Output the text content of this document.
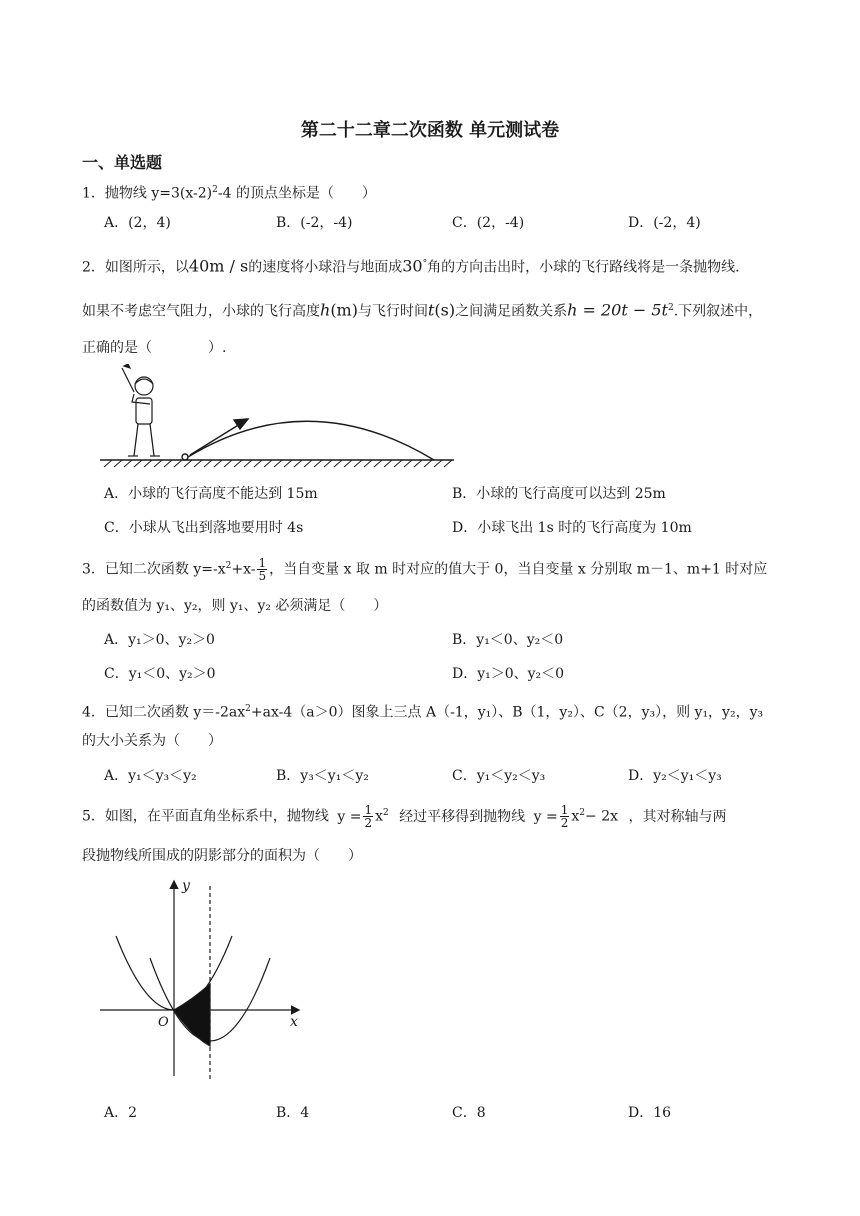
第二十二章二次函数 单元测试卷
一、单选题
1．抛物线 $y=3(x-2)^2-4$ 的顶点坐标是（　　）
A．(2，4)	B．(-2，-4)	C．(2，-4)	D．(-2，4)
2．如图所示，以40m / s的速度将小球沿与地面成30°角的方向击出时，小球的飞行路线将是一条抛物线.
如果不考虑空气阻力，小球的飞行高度h(m)与飞行时间t(s)之间满足函数关系$h = 20t - 5t^2$.下列叙述中，
正确的是（　　　　）.
A．小球的飞行高度不能达到 15m	B．小球的飞行高度可以达到 25m
C．小球从飞出到落地要用时 4s	D．小球飞出 1s 时的飞行高度为 10m
3．已知二次函数 $y=-x^2+x- \frac{1}{5}$ ，当自变量 x 取 m 时对应的值大于 0，当自变量 x 分别取 m－1、m+1 时对应
的函数值为 y₁、y₂，则 y₁、y₂ 必须满足（　　）
A．y₁＞0、y₂＞0	B．y₁＜0、y₂＜0
C．y₁＜0、y₂＞0	D．y₁＞0、y₂＜0
4．已知二次函数 $y=-2ax^2+ax-4(a>0)$图象上三点 A（-1，y₁）、B（1，y₂）、C（2，y₃），则 y₁，y₂，y₃
的大小关系为（　　）
A．y₁＜y₃＜y₂	B．y₃＜y₁＜y₂	C．y₁＜y₂＜y₃	D．y₂＜y₁＜y₃
5．如图，在平面直角坐标系中，抛物线 $y = \frac{1}{2} x^2$ 经过平移得到抛物线 $y = \frac{1}{2} x^2- 2x$ ，其对称轴与两
段抛物线所围成的阴影部分的面积为（　　）
y
x
O
A．2	B．4	C．8	D．16
